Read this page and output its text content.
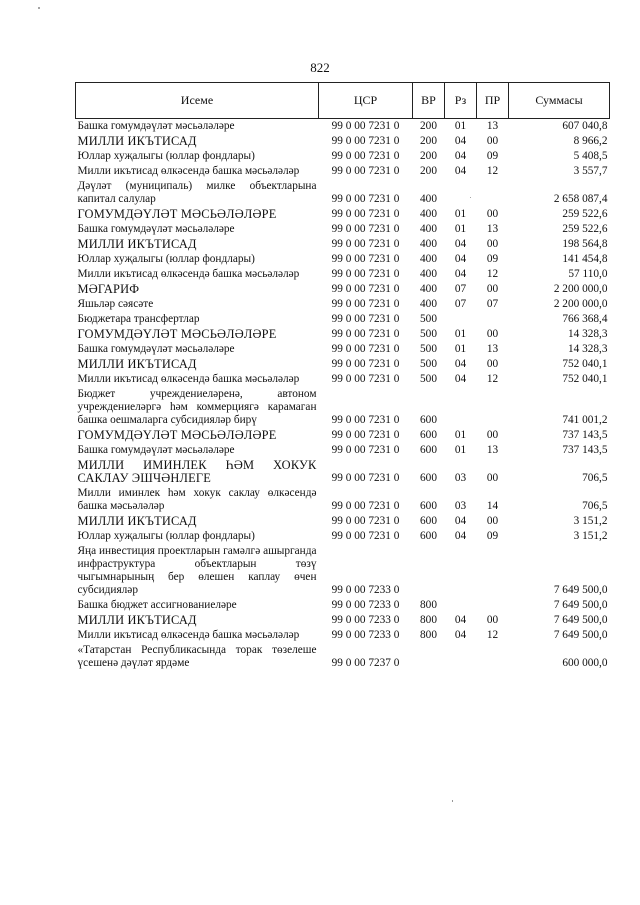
822
Исеме	ЦСР	ВР	Рз	ПР	Суммасы
Башка гомумдәүләт мәсьәләләре	99 0 00 7231 0	200	01	13	607 040,8
МИЛЛИ ИКЪТИСАД	99 0 00 7231 0	200	04	00	8 966,2
Юллар хуҗалыгы (юллар фондлары)	99 0 00 7231 0	200	04	09	5 408,5
Милли икътисад өлкәсендә башка мәсьәләләр	99 0 00 7231 0	200	04	12	3 557,7
Дәүләт (муниципаль) милке объектларына капитал салулар	99 0 00 7231 0	400			2 658 087,4
ГОМУМДӘҮЛӘТ МӘСЬӘЛӘЛӘРЕ	99 0 00 7231 0	400	01	00	259 522,6
Башка гомумдәүләт мәсьәләләре	99 0 00 7231 0	400	01	13	259 522,6
МИЛЛИ ИКЪТИСАД	99 0 00 7231 0	400	04	00	198 564,8
Юллар хуҗалыгы (юллар фондлары)	99 0 00 7231 0	400	04	09	141 454,8
Милли икътисад өлкәсендә башка мәсьәләләр	99 0 00 7231 0	400	04	12	57 110,0
МӘГАРИФ	99 0 00 7231 0	400	07	00	2 200 000,0
Яшьләр сәясәте	99 0 00 7231 0	400	07	07	2 200 000,0
Бюджетара трансфертлар	99 0 00 7231 0	500			766 368,4
ГОМУМДӘҮЛӘТ МӘСЬӘЛӘЛӘРЕ	99 0 00 7231 0	500	01	00	14 328,3
Башка гомумдәүләт мәсьәләләре	99 0 00 7231 0	500	01	13	14 328,3
МИЛЛИ ИКЪТИСАД	99 0 00 7231 0	500	04	00	752 040,1
Милли икътисад өлкәсендә башка мәсьәләләр	99 0 00 7231 0	500	04	12	752 040,1
Бюджет учреждениеләренә, автоном учреждениеләргә һәм коммерциягә карамаган башка оешмаларга субсидияләр бирү	99 0 00 7231 0	600			741 001,2
ГОМУМДӘҮЛӘТ МӘСЬӘЛӘЛӘРЕ	99 0 00 7231 0	600	01	00	737 143,5
Башка гомумдәүләт мәсьәләләре	99 0 00 7231 0	600	01	13	737 143,5
МИЛЛИ ИМИНЛЕК ҺӘМ ХОКУК САКЛАУ ЭШЧӘНЛЕГЕ	99 0 00 7231 0	600	03	00	706,5
Милли иминлек һәм хокук саклау өлкәсендә башка мәсьәләләр	99 0 00 7231 0	600	03	14	706,5
МИЛЛИ ИКЪТИСАД	99 0 00 7231 0	600	04	00	3 151,2
Юллар хуҗалыгы (юллар фондлары)	99 0 00 7231 0	600	04	09	3 151,2
Яңа инвестиция проектларын гамәлгә ашырганда инфраструктура объектларын төзү чыгымнарының бер өлешен каплау өчен субсидияләр	99 0 00 7233 0				7 649 500,0
Башка бюджет ассигнованиеләре	99 0 00 7233 0	800			7 649 500,0
МИЛЛИ ИКЪТИСАД	99 0 00 7233 0	800	04	00	7 649 500,0
Милли икътисад өлкәсендә башка мәсьәләләр	99 0 00 7233 0	800	04	12	7 649 500,0
«Татарстан Республикасында торак төзелеше үсешенә дәүләт ярдәме	99 0 00 7237 0				600 000,0
